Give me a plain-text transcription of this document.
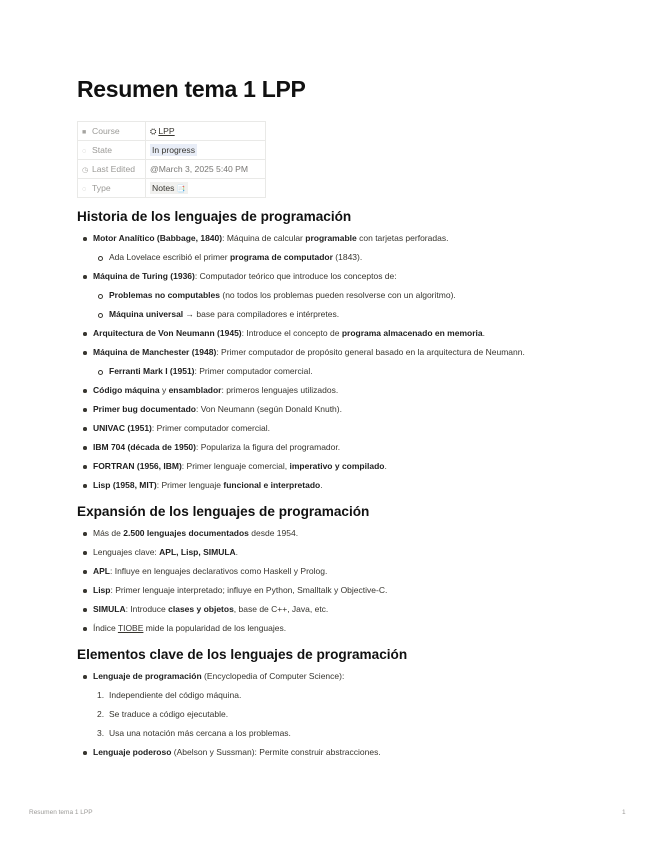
Resumen tema 1 LPP
■ Course	⛭ LPP
◌ State	In progress
◷ Last Edited	@March 3, 2025 5:40 PM
◌ Type	Notes 📑
Historia de los lenguajes de programación
Motor Analítico (Babbage, 1840): Máquina de calcular programable con tarjetas perforadas.
Ada Lovelace escribió el primer programa de computador (1843).
Máquina de Turing (1936): Computador teórico que introduce los conceptos de:
Problemas no computables (no todos los problemas pueden resolverse con un algoritmo).
Máquina universal → base para compiladores e intérpretes.
Arquitectura de Von Neumann (1945): Introduce el concepto de programa almacenado en memoria.
Máquina de Manchester (1948): Primer computador de propósito general basado en la arquitectura de Neumann.
Ferranti Mark I (1951): Primer computador comercial.
Código máquina y ensamblador: primeros lenguajes utilizados.
Primer bug documentado: Von Neumann (según Donald Knuth).
UNIVAC (1951): Primer computador comercial.
IBM 704 (década de 1950): Populariza la figura del programador.
FORTRAN (1956, IBM): Primer lenguaje comercial, imperativo y compilado.
Lisp (1958, MIT): Primer lenguaje funcional e interpretado.
Expansión de los lenguajes de programación
Más de 2.500 lenguajes documentados desde 1954.
Lenguajes clave: APL, Lisp, SIMULA.
APL: Influye en lenguajes declarativos como Haskell y Prolog.
Lisp: Primer lenguaje interpretado; influye en Python, Smalltalk y Objective-C.
SIMULA: Introduce clases y objetos, base de C++, Java, etc.
Índice TIOBE mide la popularidad de los lenguajes.
Elementos clave de los lenguajes de programación
Lenguaje de programación (Encyclopedia of Computer Science):
1. Independiente del código máquina.
2. Se traduce a código ejecutable.
3. Usa una notación más cercana a los problemas.
Lenguaje poderoso (Abelson y Sussman): Permite construir abstracciones.
Resumen tema 1 LPP	1
